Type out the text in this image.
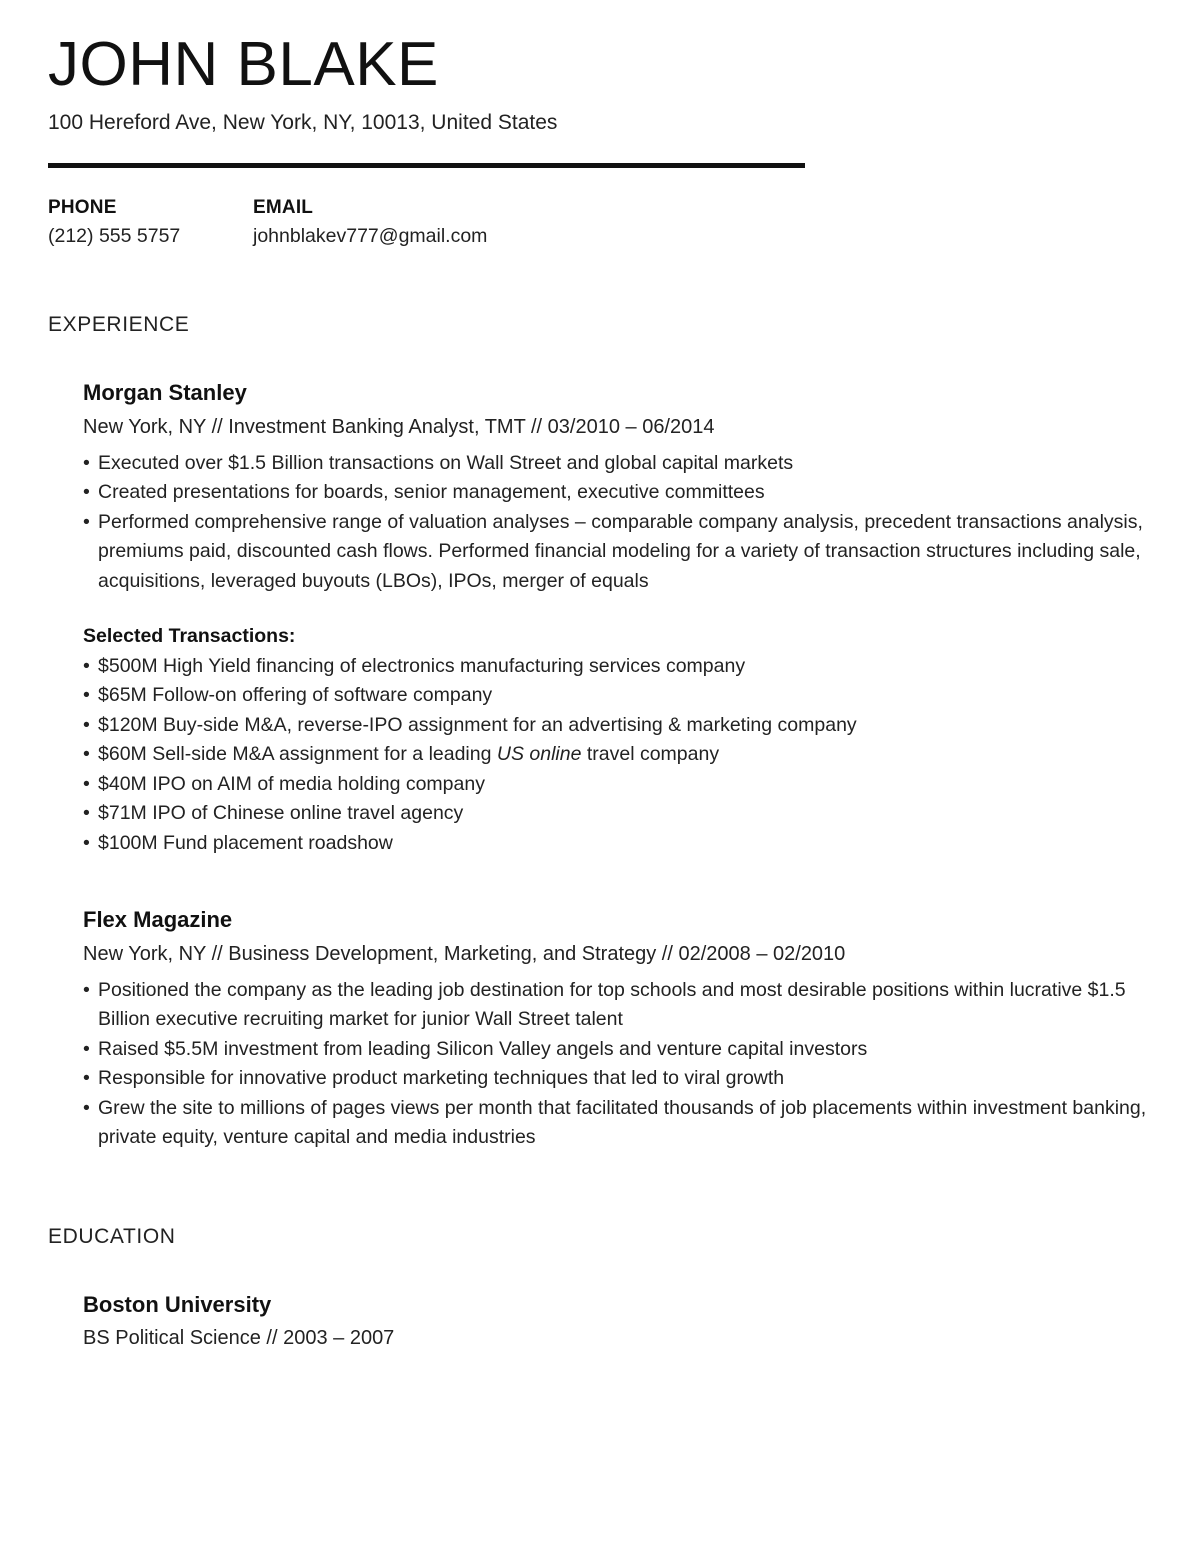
JOHN BLAKE
100 Hereford Ave, New York, NY, 10013, United States
PHONE
(212) 555 5757
EMAIL
johnblakev777@gmail.com
EXPERIENCE
Morgan Stanley
New York, NY // Investment Banking Analyst, TMT // 03/2010 – 06/2014
• Executed over $1.5 Billion transactions on Wall Street and global capital markets
• Created presentations for boards, senior management, executive committees
• Performed comprehensive range of valuation analyses – comparable company analysis, precedent transactions analysis, premiums paid, discounted cash flows. Performed financial modeling for a variety of transaction structures including sale, acquisitions, leveraged buyouts (LBOs), IPOs, merger of equals
Selected Transactions:
• $500M High Yield financing of electronics manufacturing services company
• $65M Follow-on offering of software company
• $120M Buy-side M&A, reverse-IPO assignment for an advertising & marketing company
• $60M Sell-side M&A assignment for a leading US online travel company
• $40M IPO on AIM of media holding company
• $71M IPO of Chinese online travel agency
• $100M Fund placement roadshow
Flex Magazine
New York, NY // Business Development, Marketing, and Strategy // 02/2008 – 02/2010
• Positioned the company as the leading job destination for top schools and most desirable positions within lucrative $1.5 Billion executive recruiting market for junior Wall Street talent
• Raised $5.5M investment from leading Silicon Valley angels and venture capital investors
• Responsible for innovative product marketing techniques that led to viral growth
• Grew the site to millions of pages views per month that facilitated thousands of job placements within investment banking, private equity, venture capital and media industries
EDUCATION
Boston University
BS Political Science // 2003 – 2007
